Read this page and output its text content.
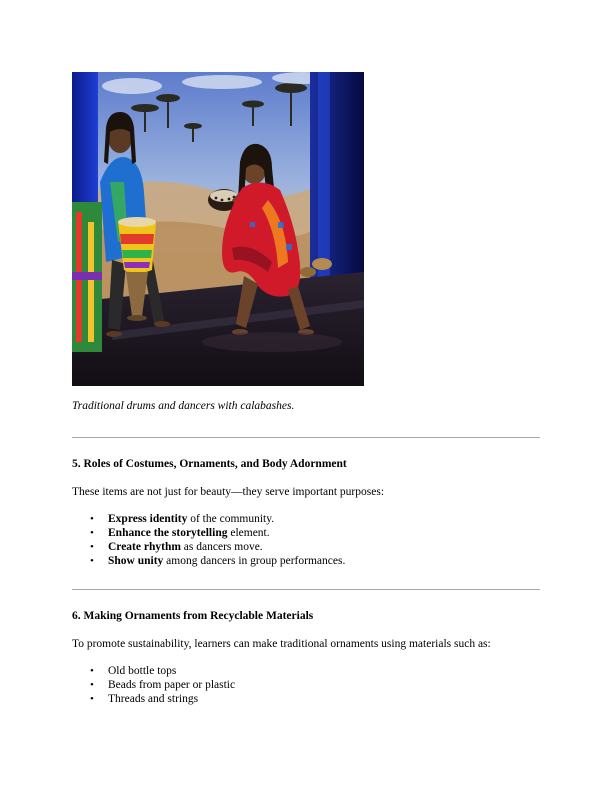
Traditional drums and dancers with calabashes.
5. Roles of Costumes, Ornaments, and Body Adornment

These items are not just for beauty—they serve important purposes:

• Express identity of the community.
• Enhance the storytelling element.
• Create rhythm as dancers move.
• Show unity among dancers in group performances.
6. Making Ornaments from Recyclable Materials

To promote sustainability, learners can make traditional ornaments using materials such as:

• Old bottle tops
• Beads from paper or plastic
• Threads and strings
